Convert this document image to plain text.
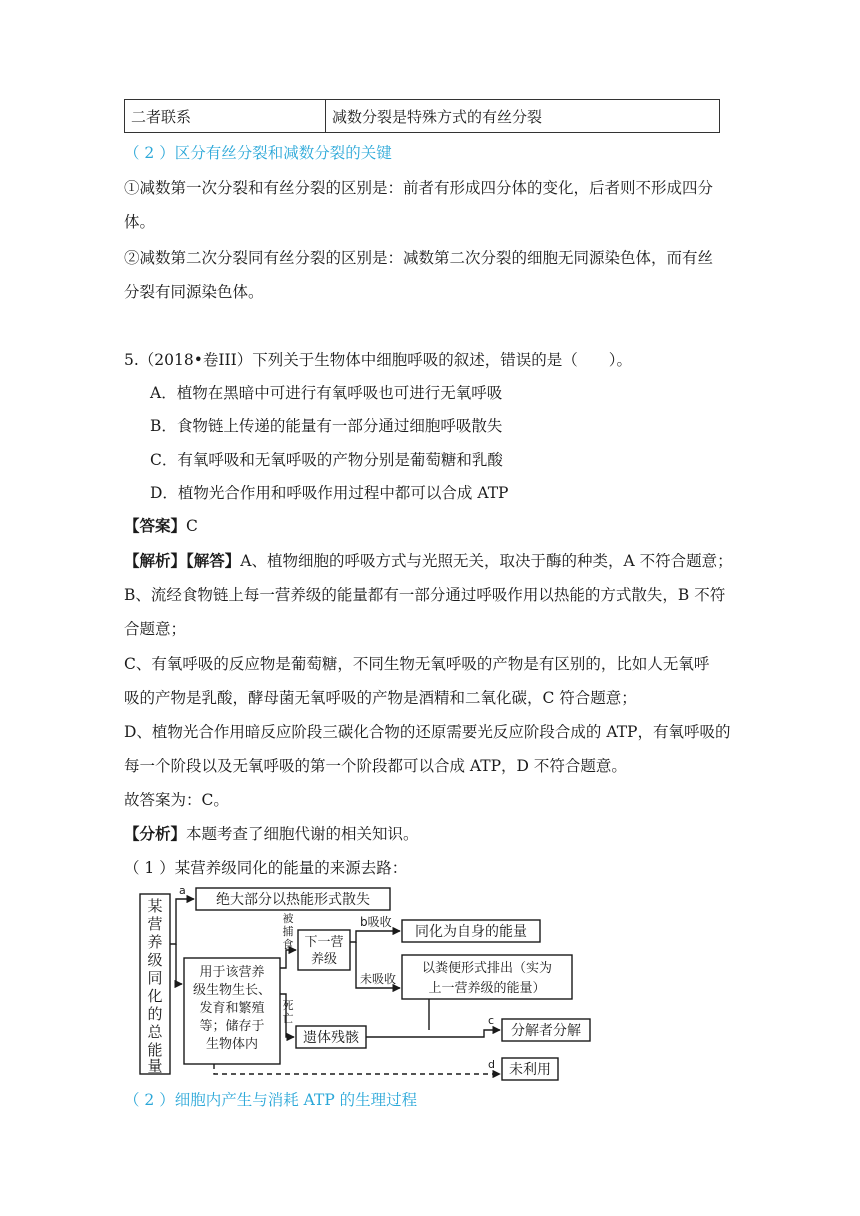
二者联系	减数分裂是特殊方式的有丝分裂
（ 2 ）区分有丝分裂和减数分裂的关键
①减数第一次分裂和有丝分裂的区别是：前者有形成四分体的变化，后者则不形成四分
体。
②减数第二次分裂同有丝分裂的区别是：减数第二次分裂的细胞无同源染色体，而有丝
分裂有同源染色体。
5.（2018•卷III）下列关于生物体中细胞呼吸的叙述，错误的是（　　）。
A．植物在黑暗中可进行有氧呼吸也可进行无氧呼吸
B．食物链上传递的能量有一部分通过细胞呼吸散失
C．有氧呼吸和无氧呼吸的产物分别是葡萄糖和乳酸
D．植物光合作用和呼吸作用过程中都可以合成 ATP
【答案】C
【解析】【解答】A、植物细胞的呼吸方式与光照无关，取决于酶的种类，A 不符合题意；
B、流经食物链上每一营养级的能量都有一部分通过呼吸作用以热能的方式散失，B 不符
合题意；
C、有氧呼吸的反应物是葡萄糖，不同生物无氧呼吸的产物是有区别的，比如人无氧呼
吸的产物是乳酸，酵母菌无氧呼吸的产物是酒精和二氧化碳，C 符合题意；
D、植物光合作用暗反应阶段三碳化合物的还原需要光反应阶段合成的 ATP，有氧呼吸的
每一个阶段以及无氧呼吸的第一个阶段都可以合成 ATP，D 不符合题意。
故答案为：C。
【分析】本题考查了细胞代谢的相关知识。
（ 1 ）某营养级同化的能量的来源去路：
某
营
养
级
同
化
的
总
能
量
a
绝大部分以热能形式散失
用于该营养
级生物生长、
发育和繁殖
等；储存于
生物体内
被
捕
食 下一营
养级
b吸收
同化为自身的能量
未吸收
以粪便形式排出（实为
上一营养级的能量）
死
亡
遗体残骸
c
分解者分解
d 未利用
（ 2 ）细胞内产生与消耗 ATP 的生理过程
